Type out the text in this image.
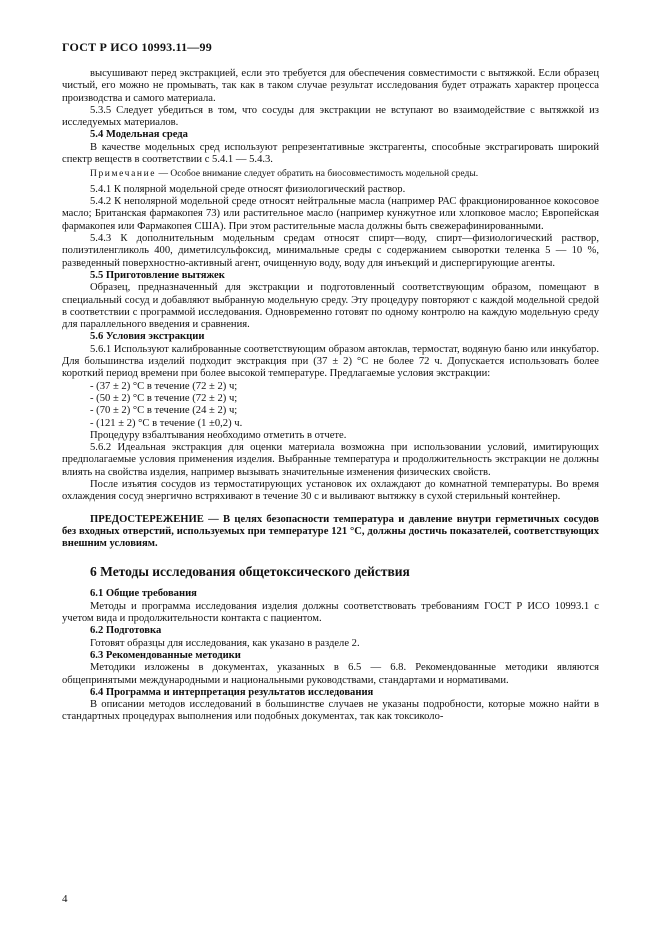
ГОСТ Р ИСО 10993.11—99

высушивают перед экстракцией, если это требуется для обеспечения совместимости с вытяжкой. Если образец чистый, его можно не промывать, так как в таком случае результат исследования будет отражать характер процесса производства и самого материала.

5.3.5 Следует убедиться в том, что сосуды для экстракции не вступают во взаимодействие с вытяжкой из исследуемых материалов.

5.4 Модельная среда

В качестве модельных сред используют репрезентативные экстрагенты, способные экстрагировать широкий спектр веществ в соответствии с 5.4.1 — 5.4.3.

Примечание — Особое внимание следует обратить на биосовместимость модельной среды.

5.4.1 К полярной модельной среде относят физиологический раствор.

5.4.2 К неполярной модельной среде относят нейтральные масла (например РАС фракционированное кокосовое масло; Британская фармакопея 73) или растительное масло (например кунжутное или хлопковое масло; Европейская фармакопея или Фармакопея США). При этом растительные масла должны быть свежерафинированными.

5.4.3 К дополнительным модельным средам относят спирт—воду, спирт—физиологический раствор, полиэтиленгликоль 400, диметилсульфоксид, минимальные среды с содержанием сыворотки теленка 5 — 10 %, разведенный поверхностно-активный агент, очищенную воду, воду для инъекций и диспергирующие агенты.

5.5 Приготовление вытяжек

Образец, предназначенный для экстракции и подготовленный соответствующим образом, помещают в специальный сосуд и добавляют выбранную модельную среду. Эту процедуру повторяют с каждой модельной средой в соответствии с программой исследования. Одновременно готовят по одному контролю на каждую модельную среду для параллельного введения и сравнения.

5.6 Условия экстракции

5.6.1 Используют калиброванные соответствующим образом автоклав, термостат, водяную баню или инкубатор. Для большинства изделий подходит экстракция при (37 ± 2) °С не более 72 ч. Допускается использовать более короткий период времени при более высокой температуре. Предлагаемые условия экстракции:

- (37 ± 2) °С в течение (72 ± 2) ч;

- (50 ± 2) °С в течение (72 ± 2) ч;

- (70 ± 2) °С в течение (24 ± 2) ч;

- (121 ± 2) °С в течение (1 ±0,2) ч.

Процедуру взбалтывания необходимо отметить в отчете.

5.6.2 Идеальная экстракция для оценки материала возможна при использовании условий, имитирующих предполагаемые условия применения изделия. Выбранные температура и продолжительность экстракции не должны влиять на свойства изделия, например вызывать значительные изменения физических свойств.

После изъятия сосудов из термостатирующих установок их охлаждают до комнатной температуры. Во время охлаждения сосуд энергично встряхивают в течение 30 с и выливают вытяжку в сухой стерильный контейнер.

ПРЕДОСТЕРЕЖЕНИЕ — В целях безопасности температура и давление внутри герметичных сосудов без входных отверстий, используемых при температуре 121 °С, должны достичь показателей, соответствующих внешним условиям.

6 Методы исследования общетоксического действия

6.1 Общие требования

Методы и программа исследования изделия должны соответствовать требованиям ГОСТ Р ИСО 10993.1 с учетом вида и продолжительности контакта с пациентом.

6.2 Подготовка

Готовят образцы для исследования, как указано в разделе 2.

6.3 Рекомендованные методики

Методики изложены в документах, указанных в 6.5 — 6.8. Рекомендованные методики являются общепринятыми международными и национальными руководствами, стандартами и нормативами.

6.4 Программа и интерпретация результатов исследования

В описании методов исследований в большинстве случаев не указаны подробности, которые можно найти в стандартных процедурах выполнения или подобных документах, так как токсиколо-

4
